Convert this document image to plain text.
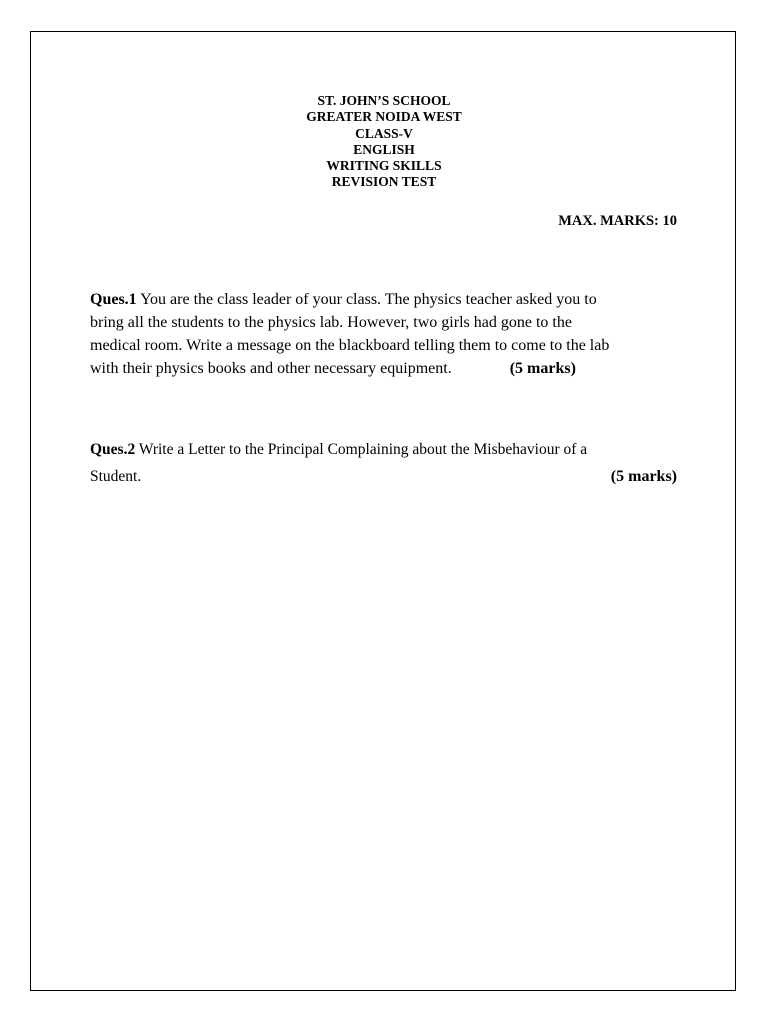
ST. JOHN’S SCHOOL
GREATER NOIDA WEST
CLASS-V
ENGLISH
WRITING SKILLS
REVISION TEST
MAX. MARKS: 10
Ques.1 You are the class leader of your class. The physics teacher asked you to
bring all the students to the physics lab. However, two girls had gone to the
medical room. Write a message on the blackboard telling them to come to the lab
with their physics books and other necessary equipment.	(5 marks)
Ques.2 Write a Letter to the Principal Complaining about the Misbehaviour of a
Student.	(5 marks)
